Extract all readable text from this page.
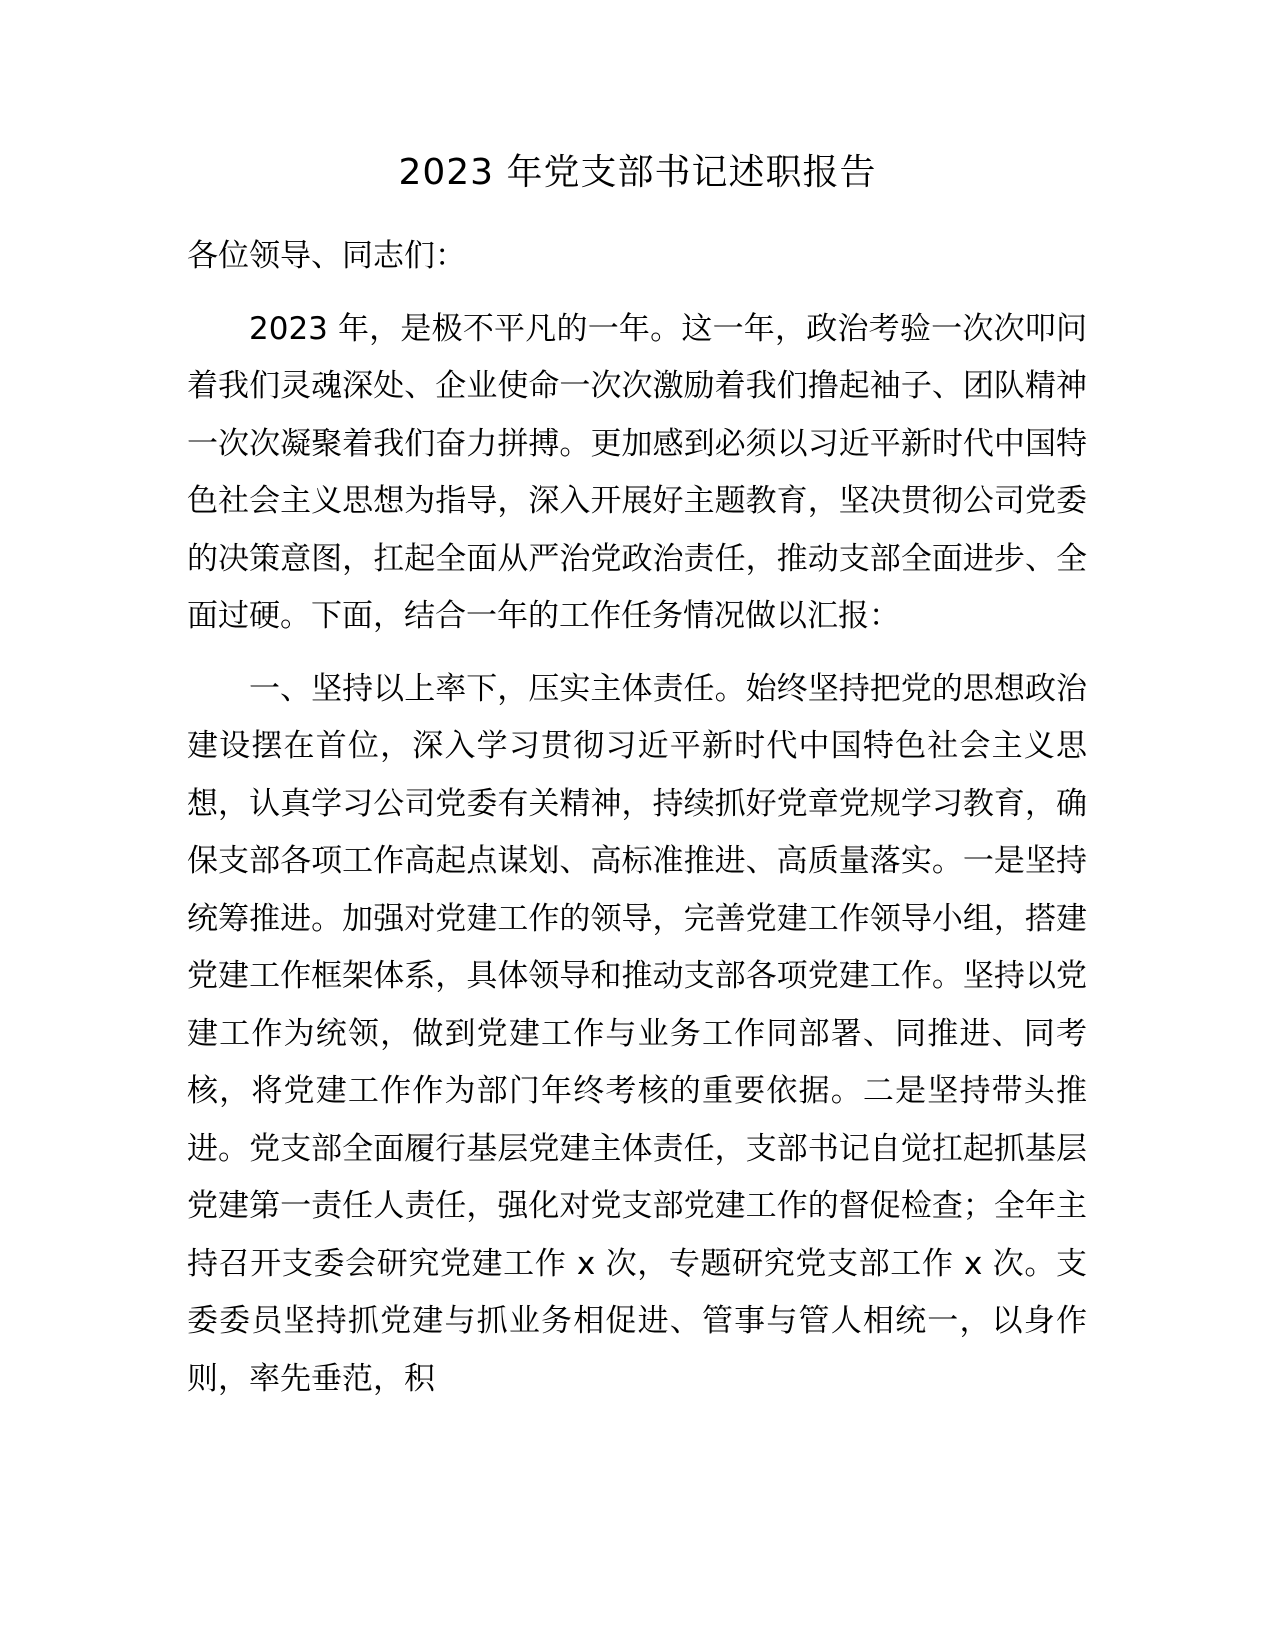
2023 年党支部书记述职报告

各位领导、同志们：

2023 年，是极不平凡的一年。这一年，政治考验一次次叩问着我们灵魂深处、企业使命一次次激励着我们撸起袖子、团队精神一次次凝聚着我们奋力拼搏。更加感到必须以习近平新时代中国特色社会主义思想为指导，深入开展好主题教育，坚决贯彻公司党委的决策意图，扛起全面从严治党政治责任，推动支部全面进步、全面过硬。下面，结合一年的工作任务情况做以汇报：

一、坚持以上率下，压实主体责任。始终坚持把党的思想政治建设摆在首位，深入学习贯彻习近平新时代中国特色社会主义思想，认真学习公司党委有关精神，持续抓好党章党规学习教育，确保支部各项工作高起点谋划、高标准推进、高质量落实。一是坚持统筹推进。加强对党建工作的领导，完善党建工作领导小组，搭建党建工作框架体系，具体领导和推动支部各项党建工作。坚持以党建工作为统领，做到党建工作与业务工作同部署、同推进、同考核，将党建工作作为部门年终考核的重要依据。二是坚持带头推进。党支部全面履行基层党建主体责任，支部书记自觉扛起抓基层党建第一责任人责任，强化对党支部党建工作的督促检查；全年主持召开支委会研究党建工作 x 次，专题研究党支部工作 x 次。支委委员坚持抓党建与抓业务相促进、管事与管人相统一，以身作则，率先垂范，积
